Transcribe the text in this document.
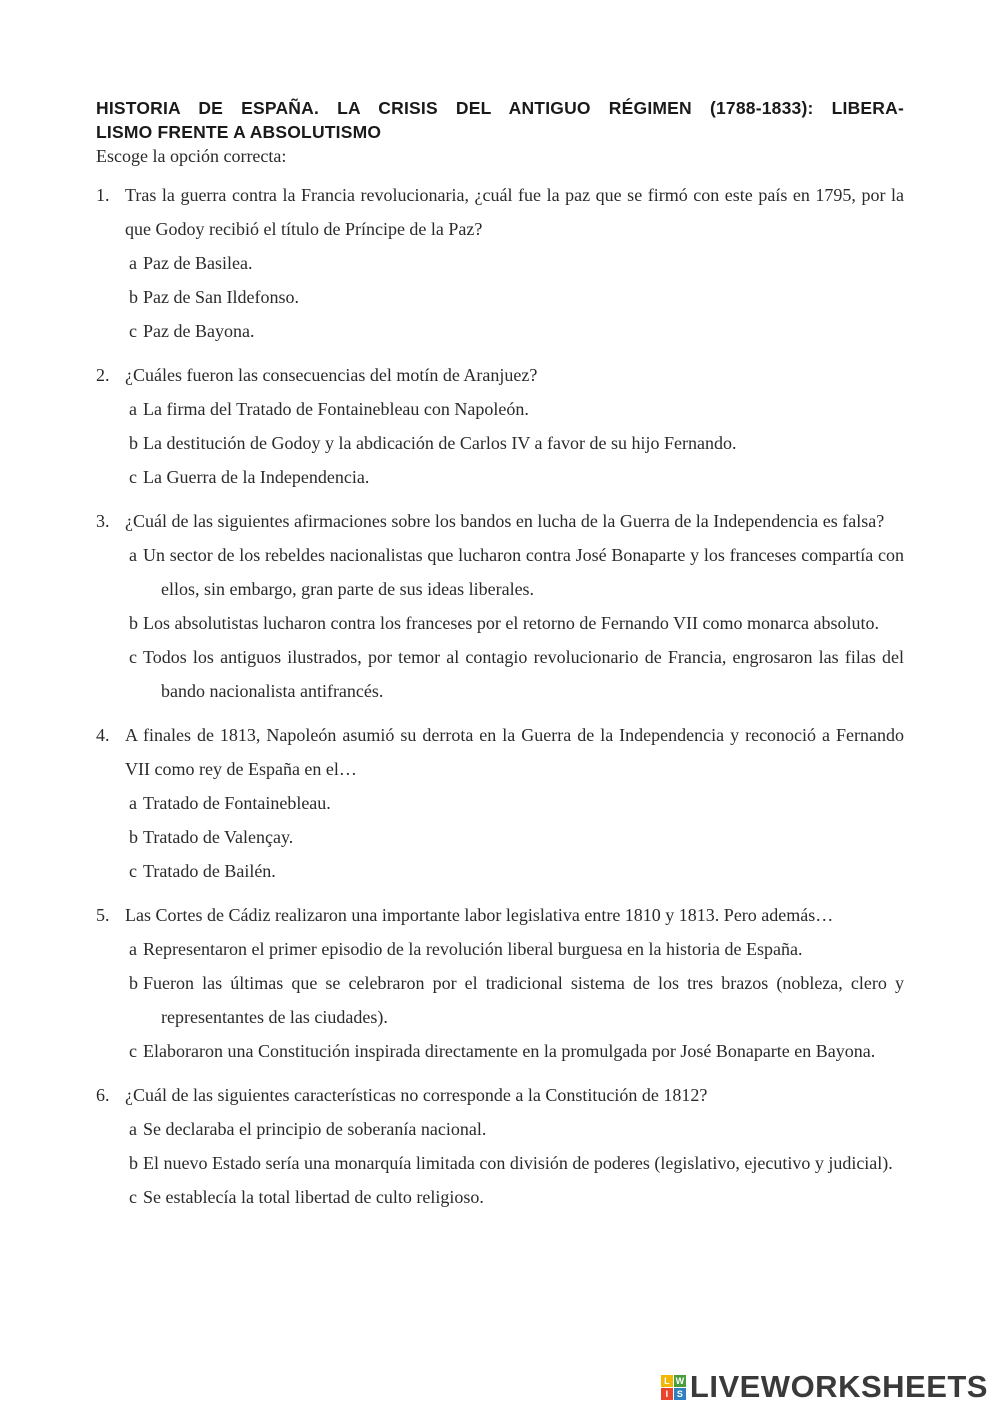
HISTORIA DE ESPAÑA. LA CRISIS DEL ANTIGUO RÉGIMEN (1788-1833): LIBERA-
LISMO FRENTE A ABSOLUTISMO
Escoge la opción correcta:
1. Tras la guerra contra la Francia revolucionaria, ¿cuál fue la paz que se firmó con este país en 1795, por la que Godoy recibió el título de Príncipe de la Paz?
a Paz de Basilea.
b Paz de San Ildefonso.
c Paz de Bayona.
2. ¿Cuáles fueron las consecuencias del motín de Aranjuez?
a La firma del Tratado de Fontainebleau con Napoleón.
b La destitución de Godoy y la abdicación de Carlos IV a favor de su hijo Fernando.
c La Guerra de la Independencia.
3. ¿Cuál de las siguientes afirmaciones sobre los bandos en lucha de la Guerra de la Independencia es falsa?
a Un sector de los rebeldes nacionalistas que lucharon contra José Bonaparte y los franceses compartía con ellos, sin embargo, gran parte de sus ideas liberales.
b Los absolutistas lucharon contra los franceses por el retorno de Fernando VII como monarca absoluto.
c Todos los antiguos ilustrados, por temor al contagio revolucionario de Francia, engrosaron las filas del bando nacionalista antifrancés.
4. A finales de 1813, Napoleón asumió su derrota en la Guerra de la Independencia y reconoció a Fernando VII como rey de España en el…
a Tratado de Fontainebleau.
b Tratado de Valençay.
c Tratado de Bailén.
5. Las Cortes de Cádiz realizaron una importante labor legislativa entre 1810 y 1813. Pero además…
a Representaron el primer episodio de la revolución liberal burguesa en la historia de España.
b Fueron las últimas que se celebraron por el tradicional sistema de los tres brazos (nobleza, clero y representantes de las ciudades).
c Elaboraron una Constitución inspirada directamente en la promulgada por José Bonaparte en Bayona.
6. ¿Cuál de las siguientes características no corresponde a la Constitución de 1812?
a Se declaraba el principio de soberanía nacional.
b El nuevo Estado sería una monarquía limitada con división de poderes (legislativo, ejecutivo y judicial).
c Se establecía la total libertad de culto religioso.
L W
I S LIVEWORKSHEETS
